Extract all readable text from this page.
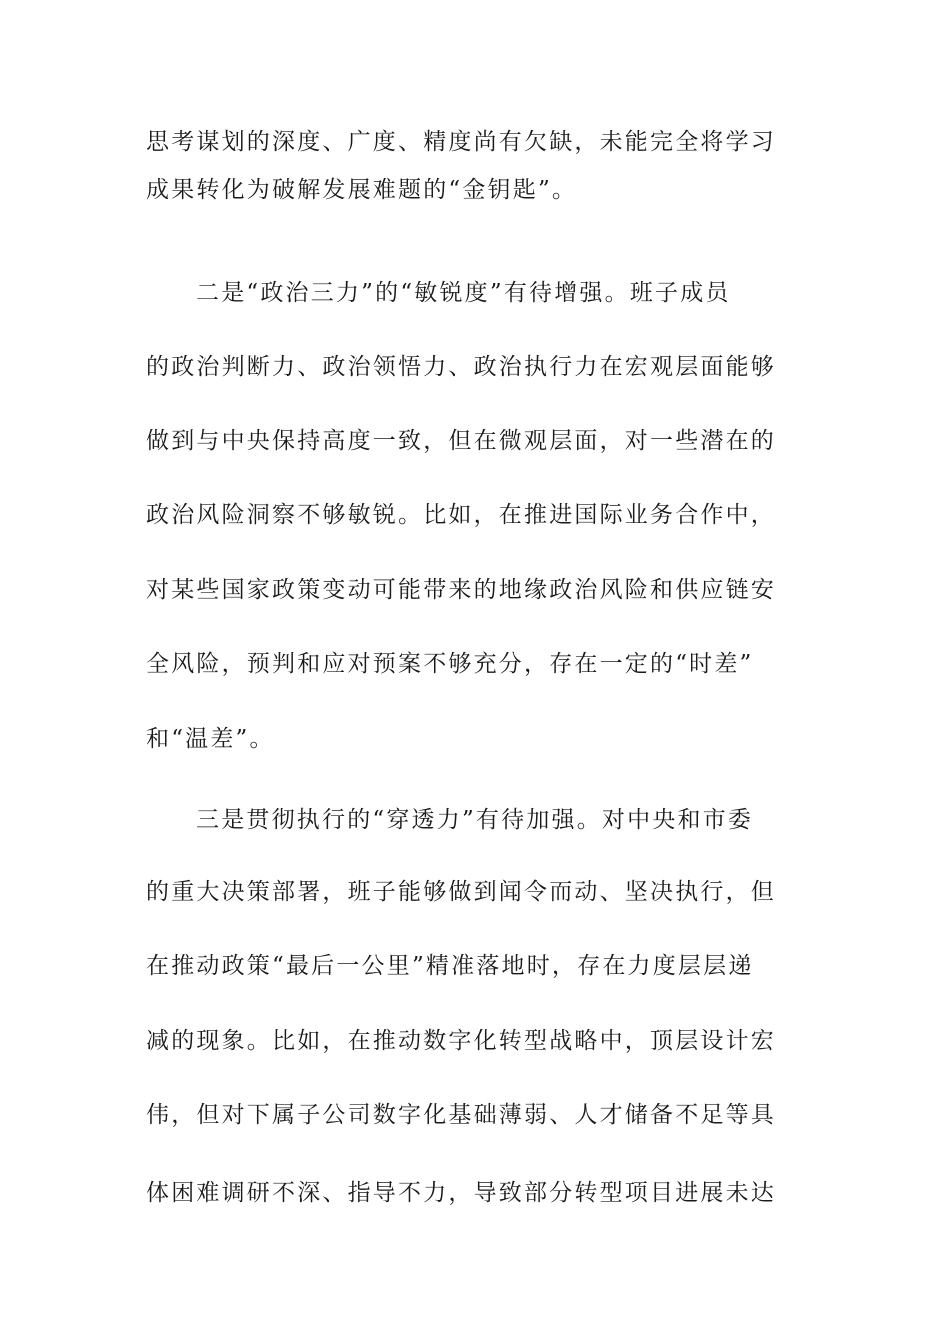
思考谋划的深度、广度、精度尚有欠缺，未能完全将学习
成果转化为破解发展难题的“金钥匙”。
二是“政治三力”的“敏锐度”有待增强。班子成员
的政治判断力、政治领悟力、政治执行力在宏观层面能够
做到与中央保持高度一致，但在微观层面，对一些潜在的
政治风险洞察不够敏锐。比如，在推进国际业务合作中，
对某些国家政策变动可能带来的地缘政治风险和供应链安
全风险，预判和应对预案不够充分，存在一定的“时差”
和“温差”。
三是贯彻执行的“穿透力”有待加强。对中央和市委
的重大决策部署，班子能够做到闻令而动、坚决执行，但
在推动政策“最后一公里”精准落地时，存在力度层层递
减的现象。比如，在推动数字化转型战略中，顶层设计宏
伟，但对下属子公司数字化基础薄弱、人才储备不足等具
体困难调研不深、指导不力，导致部分转型项目进展未达
